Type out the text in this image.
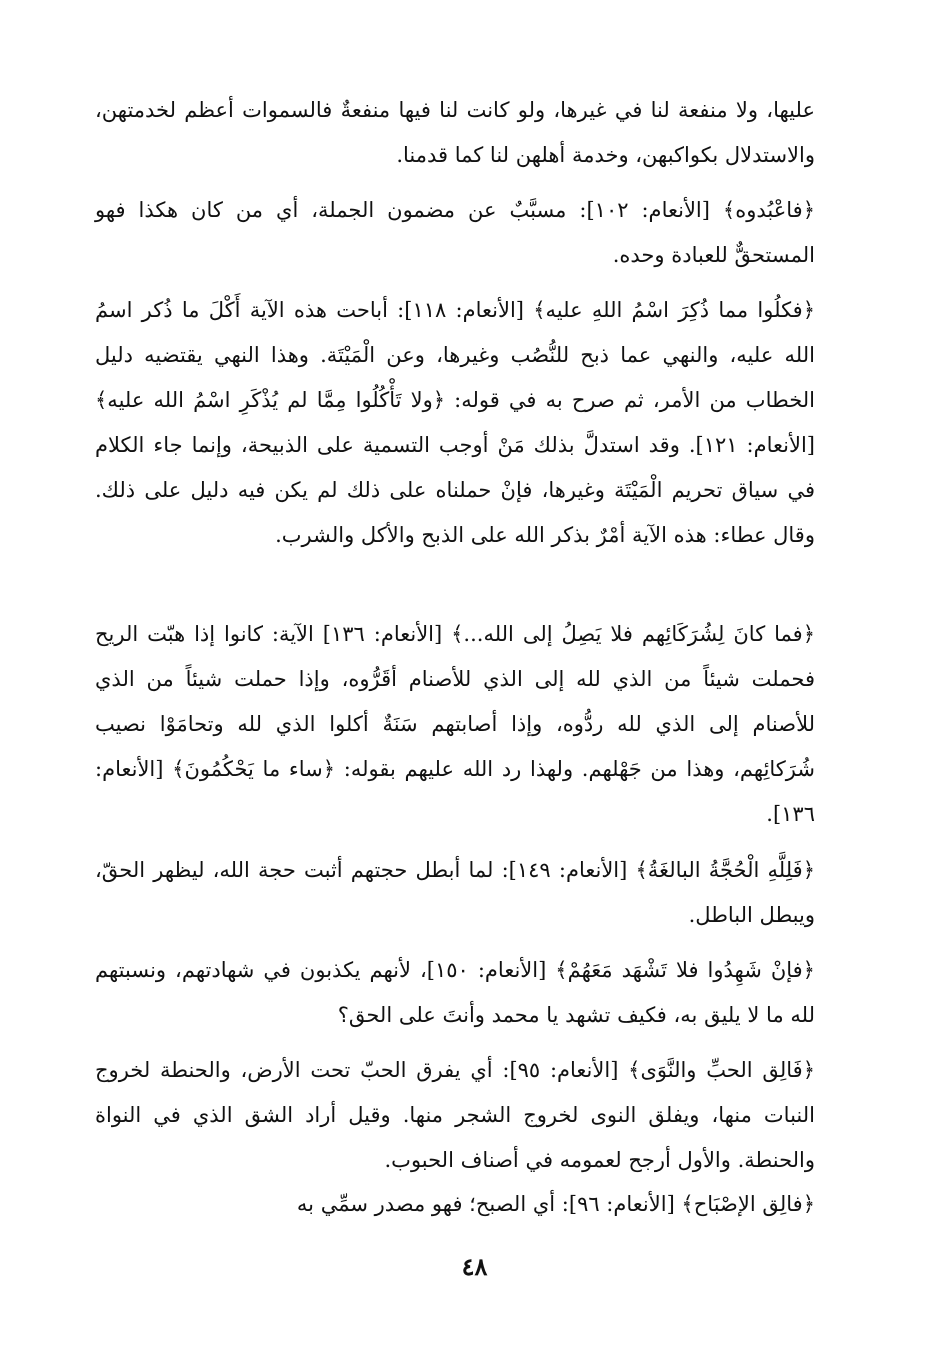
عليها، ولا منفعة لنا في غيرها، ولو كانت لنا فيها منفعةٌ فالسموات أعظم لخدمتهن، والاستدلال بكواكبهن، وخدمة أهلهن لنا كما قدمنا.
﴿فاعْبُدوه﴾ [الأنعام: ١٠٢]: مسبَّبٌ عن مضمون الجملة، أي من كان هكذا فهو المستحقٌّ للعبادة وحده.
﴿فكلُوا مما ذُكِرَ اسْمُ اللهِ عليه﴾ [الأنعام: ١١٨]: أباحت هذه الآية أَكْلَ ما ذُكر اسمُ الله عليه، والنهي عما ذبح للنُّصُب وغيرها، وعن الْمَيْتَة. وهذا النهي يقتضيه دليل الخطاب من الأمر، ثم صرح به في قوله: ﴿ولا تَأْكُلُوا مِمَّا لم يُذْكَرِ اسْمُ الله عليه﴾ [الأنعام: ١٢١]. وقد استدلَّ بذلك مَنْ أوجب التسمية على الذبيحة، وإنما جاء الكلام في سياق تحريم الْمَيْتَة وغيرها، فإنْ حملناه على ذلك لم يكن فيه دليل على ذلك. وقال عطاء: هذه الآية أمْرٌ بذكر الله على الذبح والأكل والشرب.
﴿فما كانَ لِشُرَكَائِهم فلا يَصِلُ إلى الله...﴾ [الأنعام: ١٣٦] الآية: كانوا إذا هبّت الريح فحملت شيئاً من الذي لله إلى الذي للأصنام أقَرُّوه، وإذا حملت شيئاً من الذي للأصنام إلى الذي لله ردُّوه، وإذا أصابتهم سَنَةٌ أكلوا الذي لله وتحامَوْا نصيب شُرَكائِهم، وهذا من جَهْلهم. ولهذا رد الله عليهم بقوله: ﴿ساء ما يَحْكُمُونَ﴾ [الأنعام: ١٣٦].
﴿فَلِلَّهِ الْحُجَّةُ البالغَةُ﴾ [الأنعام: ١٤٩]: لما أبطل حجتهم أثبت حجة الله، ليظهر الحقّ، ويبطل الباطل.
﴿فإنْ شَهِدُوا فلا تَشْهَد مَعَهُمْ﴾ [الأنعام: ١٥٠]، لأنهم يكذبون في شهادتهم، ونسبتهم لله ما لا يليق به، فكيف تشهد يا محمد وأنتَ على الحق؟
﴿فَالِق الحبِّ والنَّوَى﴾ [الأنعام: ٩٥]: أي يفرق الحبّ تحت الأرض، والحنطة لخروج النبات منها، ويفلق النوى لخروج الشجر منها. وقيل أراد الشق الذي في النواة والحنطة. والأول أرجح لعمومه في أصناف الحبوب.
﴿فالِق الإصْبَاح﴾ [الأنعام: ٩٦]: أي الصبح؛ فهو مصدر سمِّي به
٤٨
